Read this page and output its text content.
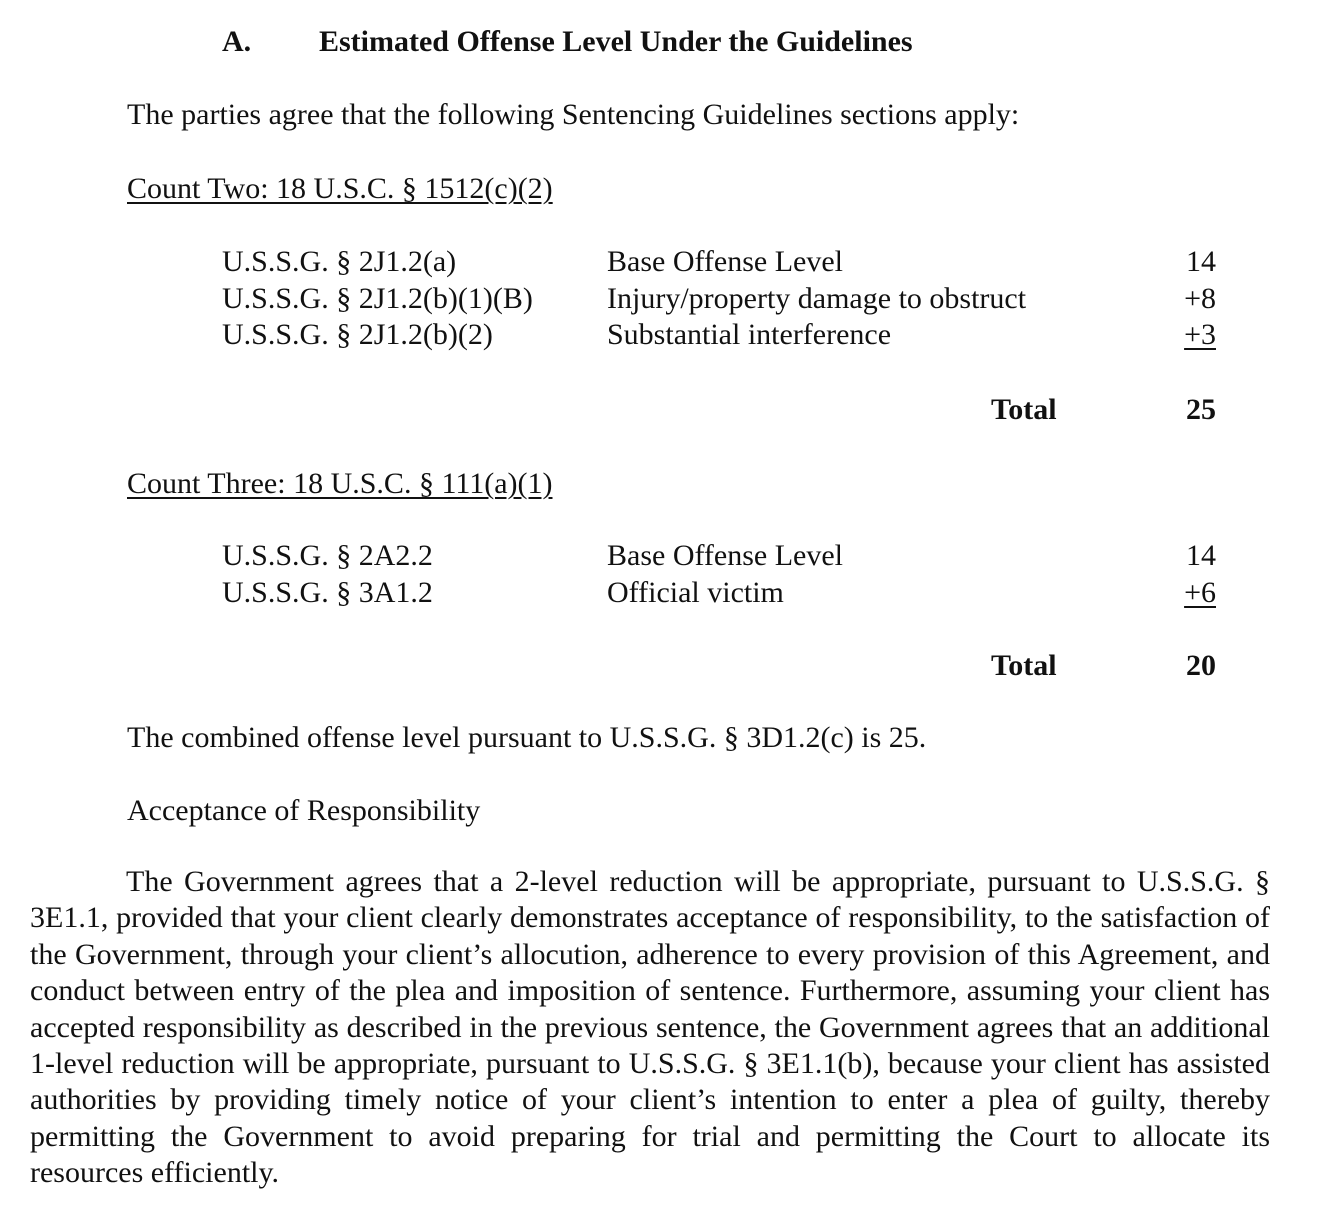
A. Estimated Offense Level Under the Guidelines
The parties agree that the following Sentencing Guidelines sections apply:
Count Two: 18 U.S.C. § 1512(c)(2)
U.S.S.G. § 2J1.2(a)	Base Offense Level	14
U.S.S.G. § 2J1.2(b)(1)(B) Injury/property damage to obstruct	+8
U.S.S.G. § 2J1.2(b)(2)	Substantial interference	+3
Total	25
Count Three: 18 U.S.C. § 111(a)(1)
U.S.S.G. § 2A2.2	Base Offense Level	14
U.S.S.G. § 3A1.2	Official victim	+6
Total	20
The combined offense level pursuant to U.S.S.G. § 3D1.2(c) is 25.
Acceptance of Responsibility
The Government agrees that a 2-level reduction will be appropriate, pursuant to U.S.S.G. § 3E1.1, provided that your client clearly demonstrates acceptance of responsibility, to the satisfaction of the Government, through your client’s allocution, adherence to every provision of this Agreement, and conduct between entry of the plea and imposition of sentence. Furthermore, assuming your client has accepted responsibility as described in the previous sentence, the Government agrees that an additional 1-level reduction will be appropriate, pursuant to U.S.S.G. § 3E1.1(b), because your client has assisted authorities by providing timely notice of your client’s intention to enter a plea of guilty, thereby permitting the Government to avoid preparing for trial and permitting the Court to allocate its resources efficiently.
